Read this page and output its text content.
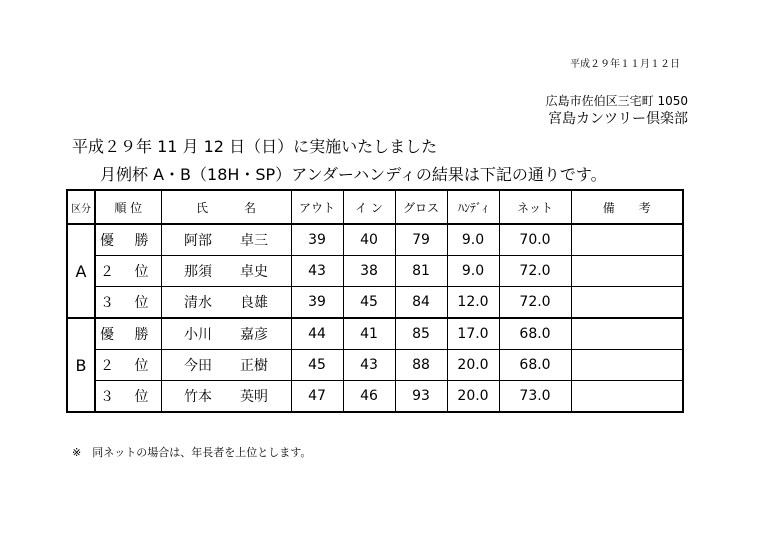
平成２９年１１月１２日
広島市佐伯区三宅町 1050
宮島カンツリー倶楽部
平成２９年 11 月 12 日（日）に実施いたしました
月例杯 A・B（18H・SP）アンダーハンディの結果は下記の通りです。
区分	順 位	氏　　　名	アウト	イ ン	グロス	ﾊﾝﾃﾞｨ	ネット	備　　考
A	優 勝	阿部 卓三	39	40	79	9.0	70.0	
	２ 位	那須 卓史	43	38	81	9.0	72.0	
	３ 位	清水 良雄	39	45	84	12.0	72.0	
B	優 勝	小川 嘉彦	44	41	85	17.0	68.0	
	２ 位	今田 正樹	45	43	88	20.0	68.0	
	３ 位	竹本 英明	47	46	93	20.0	73.0	
※　同ネットの場合は、年長者を上位とします。
